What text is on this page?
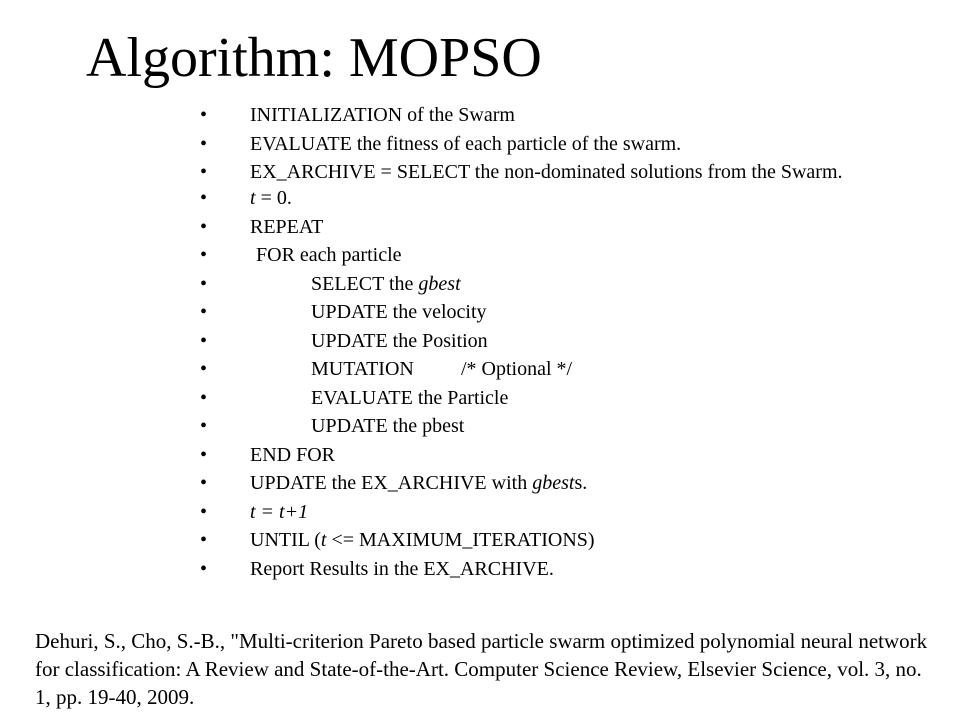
Algorithm: MOPSO
• INITIALIZATION of the Swarm
• EVALUATE the fitness of each particle of the swarm.
• EX_ARCHIVE = SELECT the non-dominated solutions from the Swarm.
• t = 0.
• REPEAT
• FOR each particle
•	SELECT the gbest
•	UPDATE the velocity
•	UPDATE the Position
•	MUTATION /* Optional */
•	EVALUATE the Particle
•	UPDATE the pbest
• END FOR
• UPDATE the EX_ARCHIVE with gbests.
• t = t+1
• UNTIL (t <= MAXIMUM_ITERATIONS)
• Report Results in the EX_ARCHIVE.

Dehuri, S., Cho, S.-B., "Multi-criterion Pareto based particle swarm optimized polynomial neural network for classification: A Review and State-of-the-Art. Computer Science Review, Elsevier Science, vol. 3, no. 1, pp. 19-40, 2009.
